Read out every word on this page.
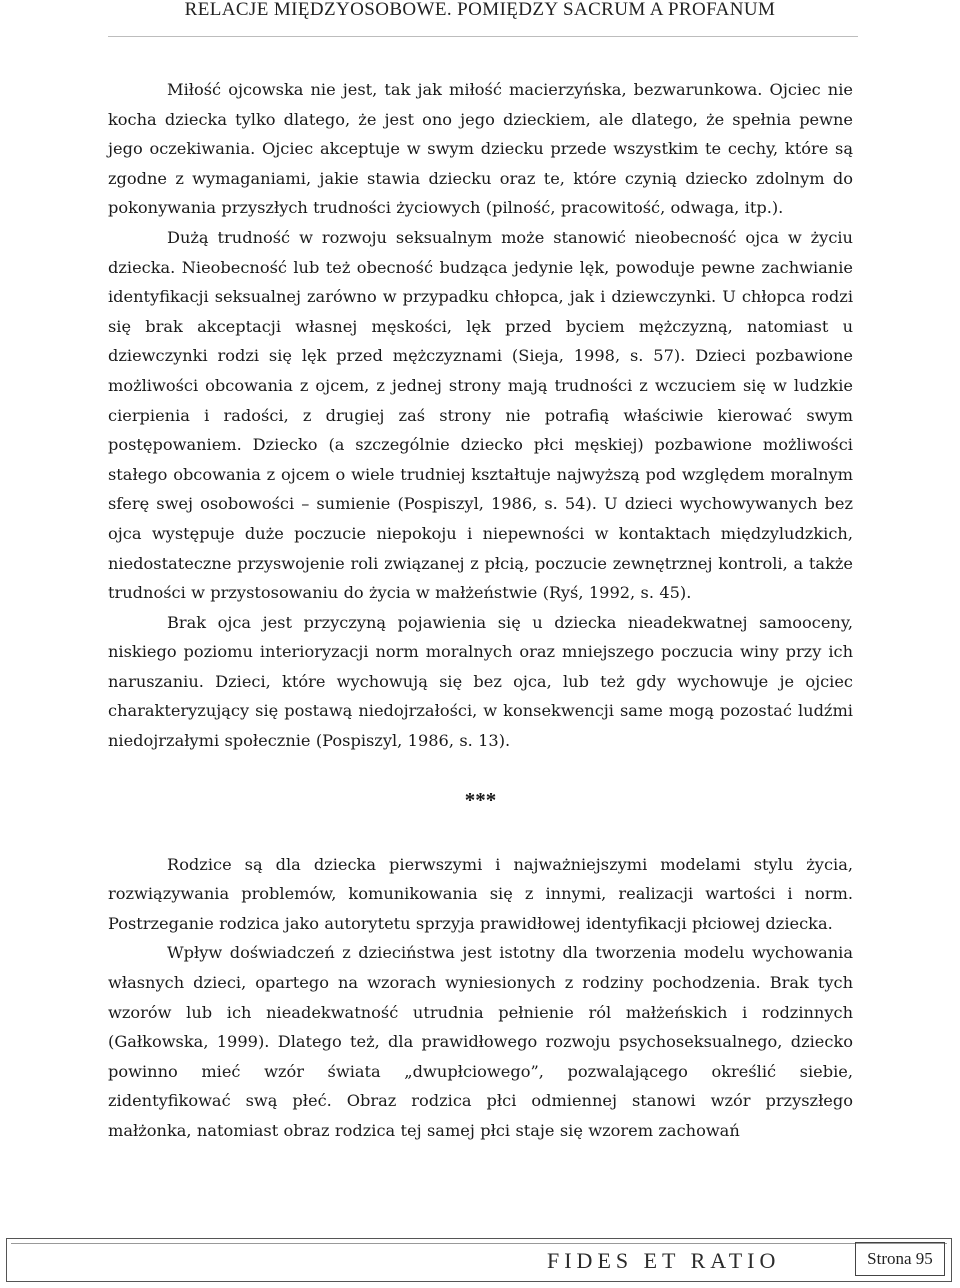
RELACJE MIĘDZYOSOBOWE. POMIĘDZY SACRUM A PROFANUM

Miłość ojcowska nie jest, tak jak miłość macierzyńska, bezwarunkowa. Ojciec nie kocha dziecka tylko dlatego, że jest ono jego dzieckiem, ale dlatego, że spełnia pewne jego oczekiwania. Ojciec akceptuje w swym dziecku przede wszystkim te cechy, które są zgodne z wymaganiami, jakie stawia dziecku oraz te, które czynią dziecko zdolnym do pokonywania przyszłych trudności życiowych (pilność, pracowitość, odwaga, itp.).

Dużą trudność w rozwoju seksualnym może stanowić nieobecność ojca w życiu dziecka. Nieobecność lub też obecność budząca jedynie lęk, powoduje pewne zachwianie identyfikacji seksualnej zarówno w przypadku chłopca, jak i dziewczynki. U chłopca rodzi się brak akceptacji własnej męskości, lęk przed byciem mężczyzną, natomiast u dziewczynki rodzi się lęk przed mężczyznami (Sieja, 1998, s. 57). Dzieci pozbawione możliwości obcowania z ojcem, z jednej strony mają trudności z wczuciem się w ludzkie cierpienia i radości, z drugiej zaś strony nie potrafią właściwie kierować swym postępowaniem. Dziecko (a szczególnie dziecko płci męskiej) pozbawione możliwości stałego obcowania z ojcem o wiele trudniej kształtuje najwyższą pod względem moralnym sferę swej osobowości – sumienie (Pospiszyl, 1986, s. 54). U dzieci wychowywanych bez ojca występuje duże poczucie niepokoju i niepewności w kontaktach międzyludzkich, niedostateczne przyswojenie roli związanej z płcią, poczucie zewnętrznej kontroli, a także trudności w przystosowaniu do życia w małżeństwie (Ryś, 1992, s. 45).

Brak ojca jest przyczyną pojawienia się u dziecka nieadekwatnej samooceny, niskiego poziomu interioryzacji norm moralnych oraz mniejszego poczucia winy przy ich naruszaniu. Dzieci, które wychowują się bez ojca, lub też gdy wychowuje je ojciec charakteryzujący się postawą niedojrzałości, w konsekwencji same mogą pozostać ludźmi niedojrzałymi społecznie (Pospiszyl, 1986, s. 13).

***

Rodzice są dla dziecka pierwszymi i najważniejszymi modelami stylu życia, rozwiązywania problemów, komunikowania się z innymi, realizacji wartości i norm. Postrzeganie rodzica jako autorytetu sprzyja prawidłowej identyfikacji płciowej dziecka.

Wpływ doświadczeń z dzieciństwa jest istotny dla tworzenia modelu wychowania własnych dzieci, opartego na wzorach wyniesionych z rodziny pochodzenia. Brak tych wzorów lub ich nieadekwatność utrudnia pełnienie ról małżeńskich i rodzinnych (Gałkowska, 1999). Dlatego też, dla prawidłowego rozwoju psychoseksualnego, dziecko powinno mieć wzór świata „dwupłciowego”, pozwalającego określić siebie, zidentyfikować swą płeć. Obraz rodzica płci odmiennej stanowi wzór przyszłego małżonka, natomiast obraz rodzica tej samej płci staje się wzorem zachowań

FIDES ET RATIO	Strona 95
